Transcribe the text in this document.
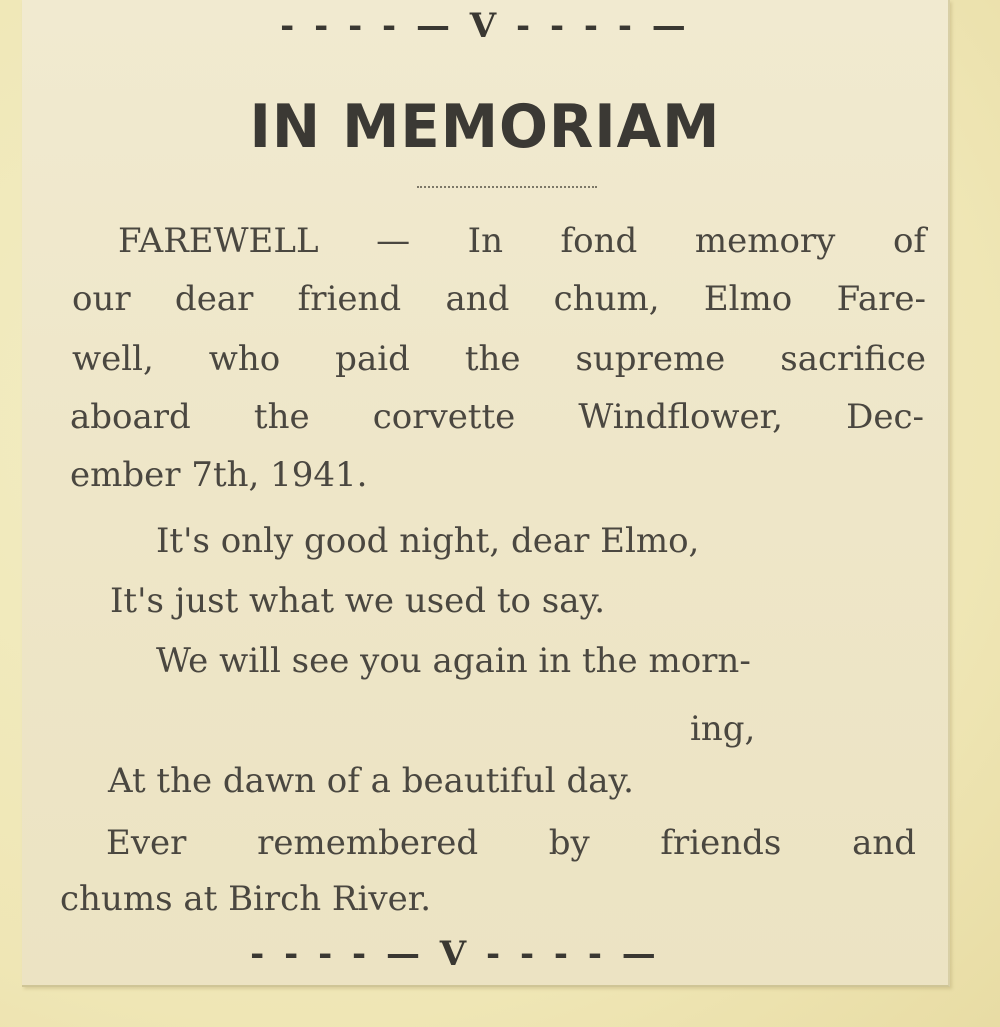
- - - - — V - - - - —
IN MEMORIAM
FAREWELL — In fond memory of
our dear friend and chum, Elmo Fare-
well, who paid the supreme sacrifice
aboard the corvette Windflower, Dec-
ember 7th, 1941.
It's only good night, dear Elmo,
It's just what we used to say.
We will see you again in the morn-
ing,
At the dawn of a beautiful day.
Ever remembered by friends and
chums at Birch River.
- - - - — V - - - - —
